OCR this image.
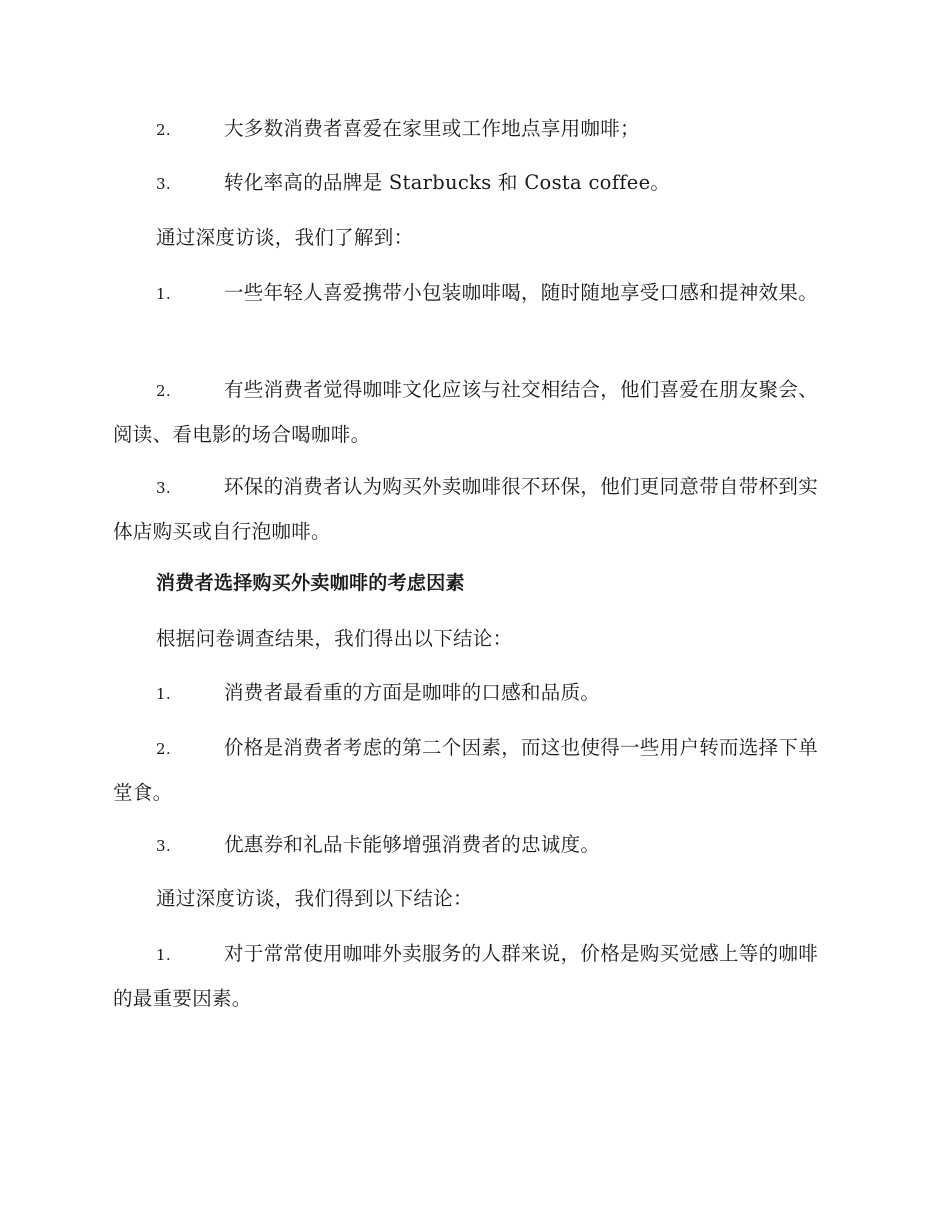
2.	大多数消费者喜爱在家里或工作地点享用咖啡；
3.	转化率高的品牌是 Starbucks 和 Costa coffee。
通过深度访谈，我们了解到：
1.	一些年轻人喜爱携带小包装咖啡喝，随时随地享受口感和提神效果。
2.	有些消费者觉得咖啡文化应该与社交相结合，他们喜爱在朋友聚会、阅读、看电影的场合喝咖啡。
3.	环保的消费者认为购买外卖咖啡很不环保，他们更同意带自带杯到实体店购买或自行泡咖啡。
消费者选择购买外卖咖啡的考虑因素
根据问卷调查结果，我们得出以下结论：
1.	消费者最看重的方面是咖啡的口感和品质。
2.	价格是消费者考虑的第二个因素，而这也使得一些用户转而选择下单堂食。
3.	优惠券和礼品卡能够增强消费者的忠诚度。
通过深度访谈，我们得到以下结论：
1.	对于常常使用咖啡外卖服务的人群来说，价格是购买觉感上等的咖啡的最重要因素。
